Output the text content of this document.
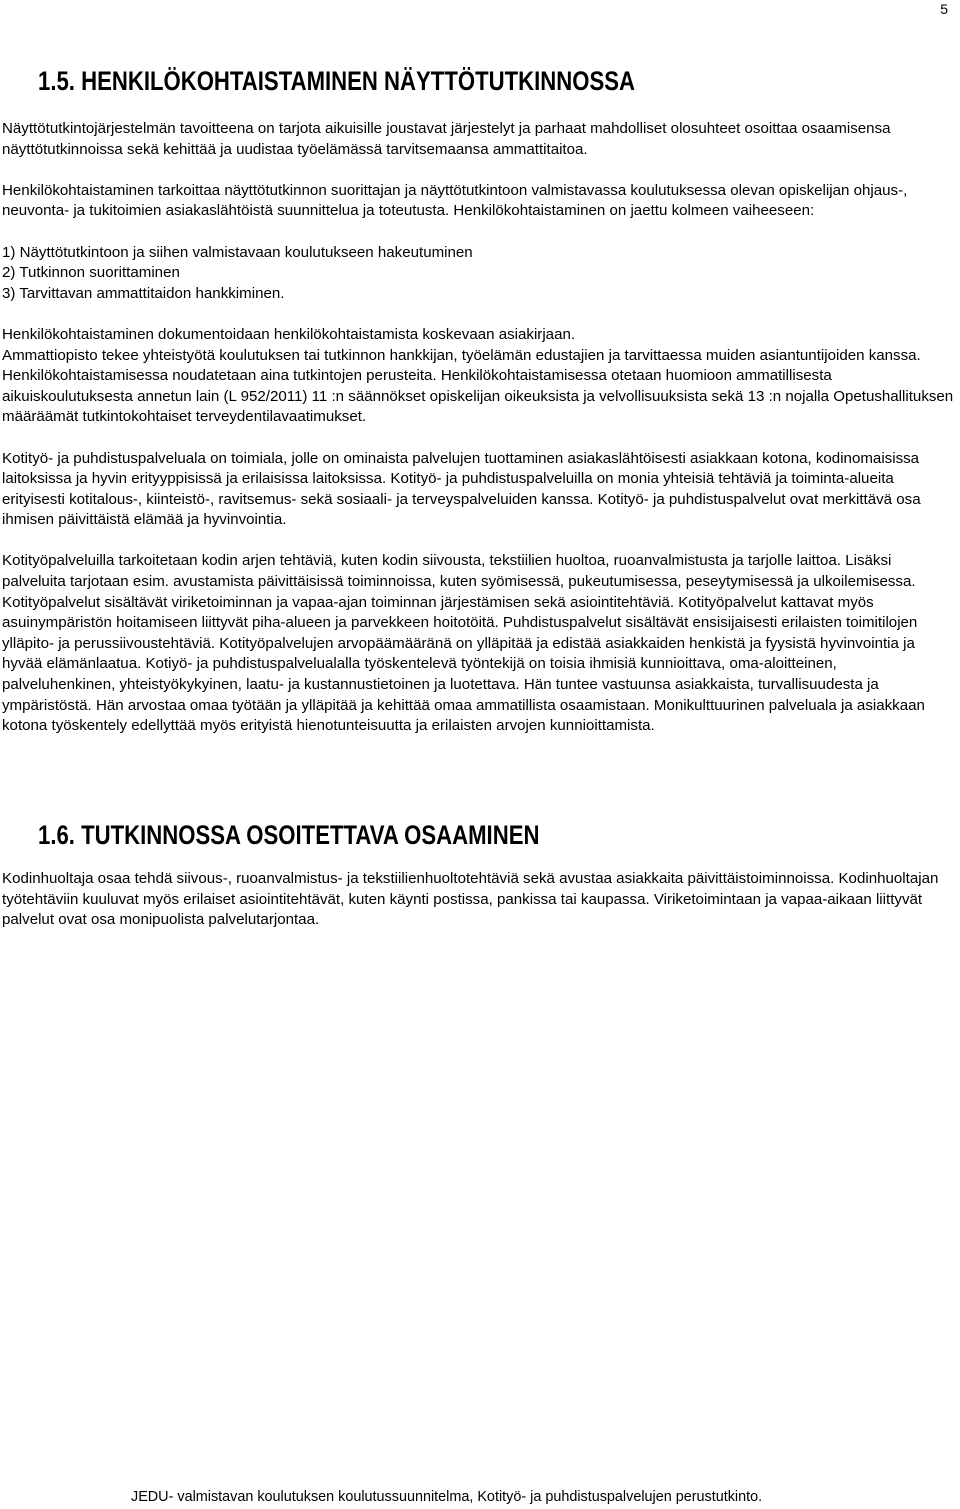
5
1.5. HENKILÖKOHTAISTAMINEN NÄYTTÖTUTKINNOSSA

Näyttötutkintojärjestelmän tavoitteena on tarjota aikuisille joustavat järjestelyt ja parhaat mahdolliset olosuhteet osoittaa osaamisensa näyttötutkinnoissa sekä kehittää ja uudistaa työelämässä tarvitsemaansa ammattitaitoa.

Henkilökohtaistaminen tarkoittaa näyttötutkinnon suorittajan ja näyttötutkintoon valmistavassa koulutuksessa olevan opiskelijan ohjaus-, neuvonta- ja tukitoimien asiakaslähtöistä suunnittelua ja toteutusta. Henkilökohtaistaminen on jaettu kolmeen vaiheeseen:

1) Näyttötutkintoon ja siihen valmistavaan koulutukseen hakeutuminen

2) Tutkinnon suorittaminen

3) Tarvittavan ammattitaidon hankkiminen.

Henkilökohtaistaminen dokumentoidaan henkilökohtaistamista koskevaan asiakirjaan.

Ammattiopisto tekee yhteistyötä koulutuksen tai tutkinnon hankkijan, työelämän edustajien ja tarvittaessa muiden asiantuntijoiden kanssa. Henkilökohtaistamisessa noudatetaan aina tutkintojen perusteita. Henkilökohtaistamisessa otetaan huomioon ammatillisesta aikuiskoulutuksesta annetun lain (L 952/2011) 11 :n säännökset opiskelijan oikeuksista ja velvollisuuksista sekä 13 :n nojalla Opetushallituksen määräämät tutkintokohtaiset terveydentilavaatimukset.

Kotityö- ja puhdistuspalveluala on toimiala, jolle on ominaista palvelujen tuottaminen asiakaslähtöisesti asiakkaan kotona, kodinomaisissa laitoksissa ja hyvin erityyppisissä ja erilaisissa laitoksissa. Kotityö- ja puhdistuspalveluilla on monia yhteisiä tehtäviä ja toiminta-alueita erityisesti kotitalous-, kiinteistö-, ravitsemus- sekä sosiaali- ja terveyspalveluiden kanssa. Kotityö- ja puhdistuspalvelut ovat merkittävä osa ihmisen päivittäistä elämää ja hyvinvointia.

Kotityöpalveluilla tarkoitetaan kodin arjen tehtäviä, kuten kodin siivousta, tekstiilien huoltoa, ruoanvalmistusta ja tarjolle laittoa. Lisäksi palveluita tarjotaan esim. avustamista päivittäisissä toiminnoissa, kuten syömisessä, pukeutumisessa, peseytymisessä ja ulkoilemisessa. Kotityöpalvelut sisältävät viriketoiminnan ja vapaa-ajan toiminnan järjestämisen sekä asiointitehtäviä. Kotityöpalvelut kattavat myös asuinympäristön hoitamiseen liittyvät piha-alueen ja parvekkeen hoitotöitä. Puhdistuspalvelut sisältävät ensisijaisesti erilaisten toimitilojen ylläpito- ja perussiivoustehtäviä. Kotityöpalvelujen arvopäämääränä on ylläpitää ja edistää asiakkaiden henkistä ja fyysistä hyvinvointia ja hyvää elämänlaatua. Kotiyö- ja puhdistuspalvelualalla työskentelevä työntekijä on toisia ihmisiä kunnioittava, oma-aloitteinen, palveluhenkinen, yhteistyökykyinen, laatu- ja kustannustietoinen ja luotettava. Hän tuntee vastuunsa asiakkaista, turvallisuudesta ja ympäristöstä. Hän arvostaa omaa työtään ja ylläpitää ja kehittää omaa ammatillista osaamistaan. Monikulttuurinen palveluala ja asiakkaan kotona työskentely edellyttää myös erityistä hienotunteisuutta ja erilaisten arvojen kunnioittamista.

1.6. TUTKINNOSSA OSOITETTAVA OSAAMINEN

Kodinhuoltaja osaa tehdä siivous-, ruoanvalmistus- ja tekstiilienhuoltotehtäviä sekä avustaa asiakkaita päivittäistoiminnoissa. Kodinhuoltajan työtehtäviin kuuluvat myös erilaiset asiointitehtävät, kuten käynti postissa, pankissa tai kaupassa. Viriketoimintaan ja vapaa-aikaan liittyvät palvelut ovat osa monipuolista palvelutarjontaa.

JEDU- valmistavan koulutuksen koulutussuunnitelma, Kotityö- ja puhdistuspalvelujen perustutkinto.
